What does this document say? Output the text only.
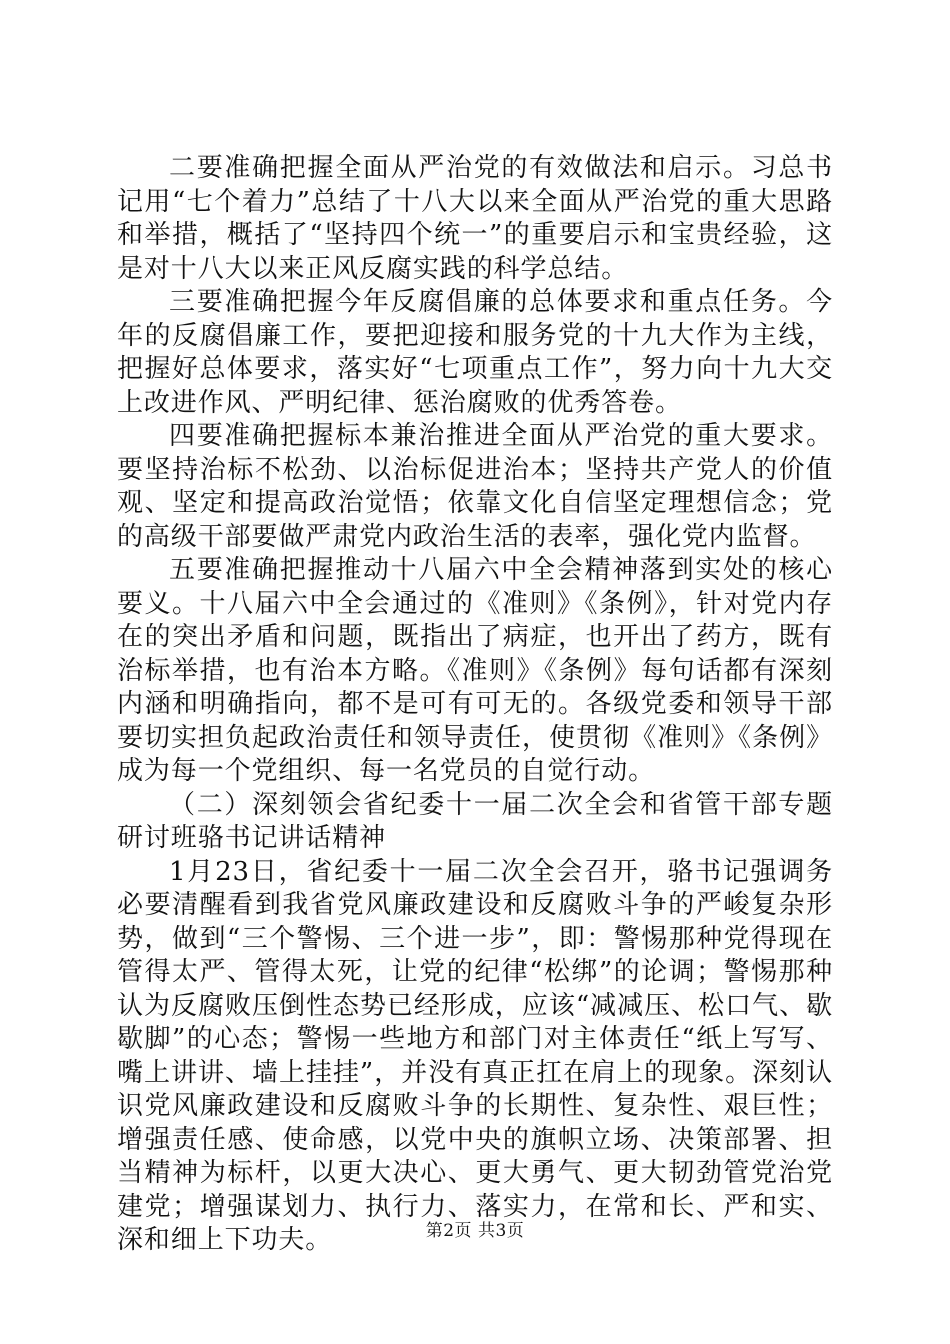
二要准确把握全面从严治党的有效做法和启示。习总书记用“七个着力”总结了十八大以来全面从严治党的重大思路和举措，概括了“坚持四个统一”的重要启示和宝贵经验，这是对十八大以来正风反腐实践的科学总结。

三要准确把握今年反腐倡廉的总体要求和重点任务。今年的反腐倡廉工作，要把迎接和服务党的十九大作为主线，把握好总体要求，落实好“七项重点工作”，努力向十九大交上改进作风、严明纪律、惩治腐败的优秀答卷。

四要准确把握标本兼治推进全面从严治党的重大要求。要坚持治标不松劲、以治标促进治本；坚持共产党人的价值观、坚定和提高政治觉悟；依靠文化自信坚定理想信念；党的高级干部要做严肃党内政治生活的表率，强化党内监督。

五要准确把握推动十八届六中全会精神落到实处的核心要义。十八届六中全会通过的《准则》《条例》，针对党内存在的突出矛盾和问题，既指出了病症，也开出了药方，既有治标举措，也有治本方略。《准则》《条例》每句话都有深刻内涵和明确指向，都不是可有可无的。各级党委和领导干部要切实担负起政治责任和领导责任，使贯彻《准则》《条例》成为每一个党组织、每一名党员的自觉行动。

（二）深刻领会省纪委十一届二次全会和省管干部专题研讨班骆书记讲话精神

1月23日，省纪委十一届二次全会召开，骆书记强调务必要清醒看到我省党风廉政建设和反腐败斗争的严峻复杂形势，做到“三个警惕、三个进一步”，即：警惕那种党得现在管得太严、管得太死，让党的纪律“松绑”的论调；警惕那种认为反腐败压倒性态势已经形成，应该“减减压、松口气、歇歇脚”的心态；警惕一些地方和部门对主体责任“纸上写写、嘴上讲讲、墙上挂挂”，并没有真正扛在肩上的现象。深刻认识党风廉政建设和反腐败斗争的长期性、复杂性、艰巨性；增强责任感、使命感，以党中央的旗帜立场、决策部署、担当精神为标杆，以更大决心、更大勇气、更大韧劲管党治党建党；增强谋划力、执行力、落实力，在常和长、严和实、深和细上下功夫。	第2页 共3页
